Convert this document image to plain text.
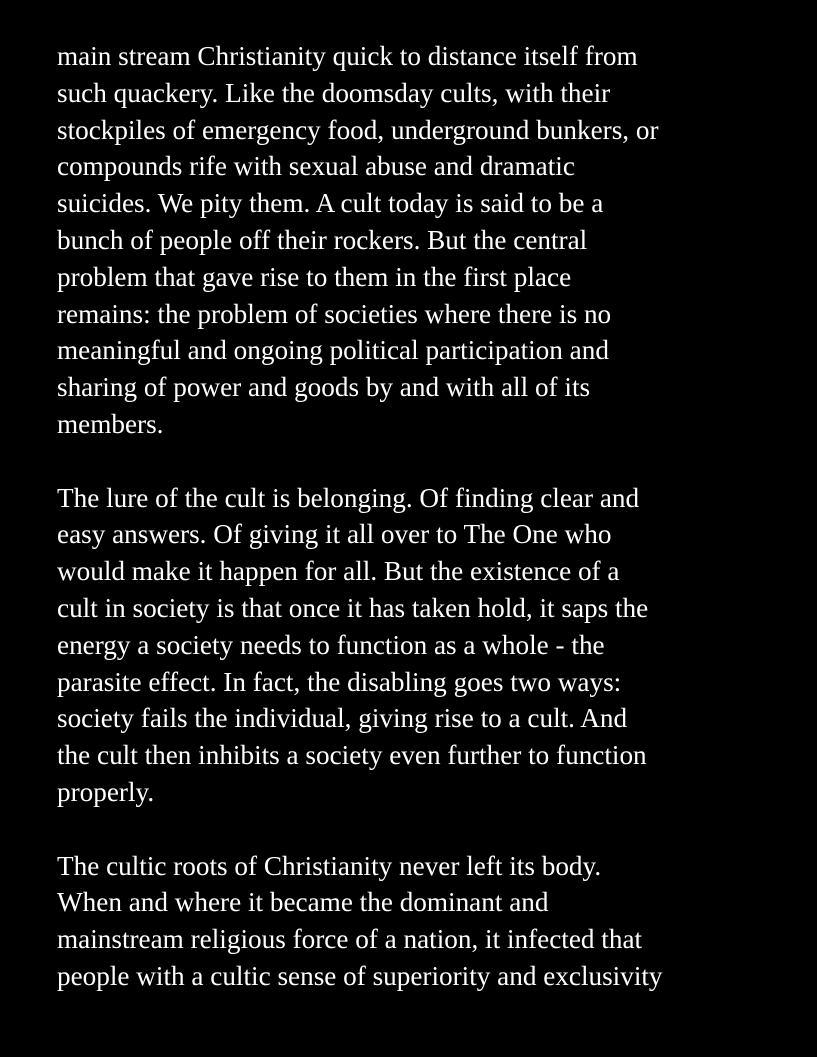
main stream Christianity quick to distance itself from
such quackery. Like the doomsday cults, with their
stockpiles of emergency food, underground bunkers, or
compounds rife with sexual abuse and dramatic
suicides. We pity them. A cult today is said to be a
bunch of people off their rockers. But the central
problem that gave rise to them in the first place
remains: the problem of societies where there is no
meaningful and ongoing political participation and
sharing of power and goods by and with all of its
members.

The lure of the cult is belonging. Of finding clear and
easy answers. Of giving it all over to The One who
would make it happen for all. But the existence of a
cult in society is that once it has taken hold, it saps the
energy a society needs to function as a whole - the
parasite effect. In fact, the disabling goes two ways:
society fails the individual, giving rise to a cult. And
the cult then inhibits a society even further to function
properly.

The cultic roots of Christianity never left its body.
When and where it became the dominant and
mainstream religious force of a nation, it infected that
people with a cultic sense of superiority and exclusivity
